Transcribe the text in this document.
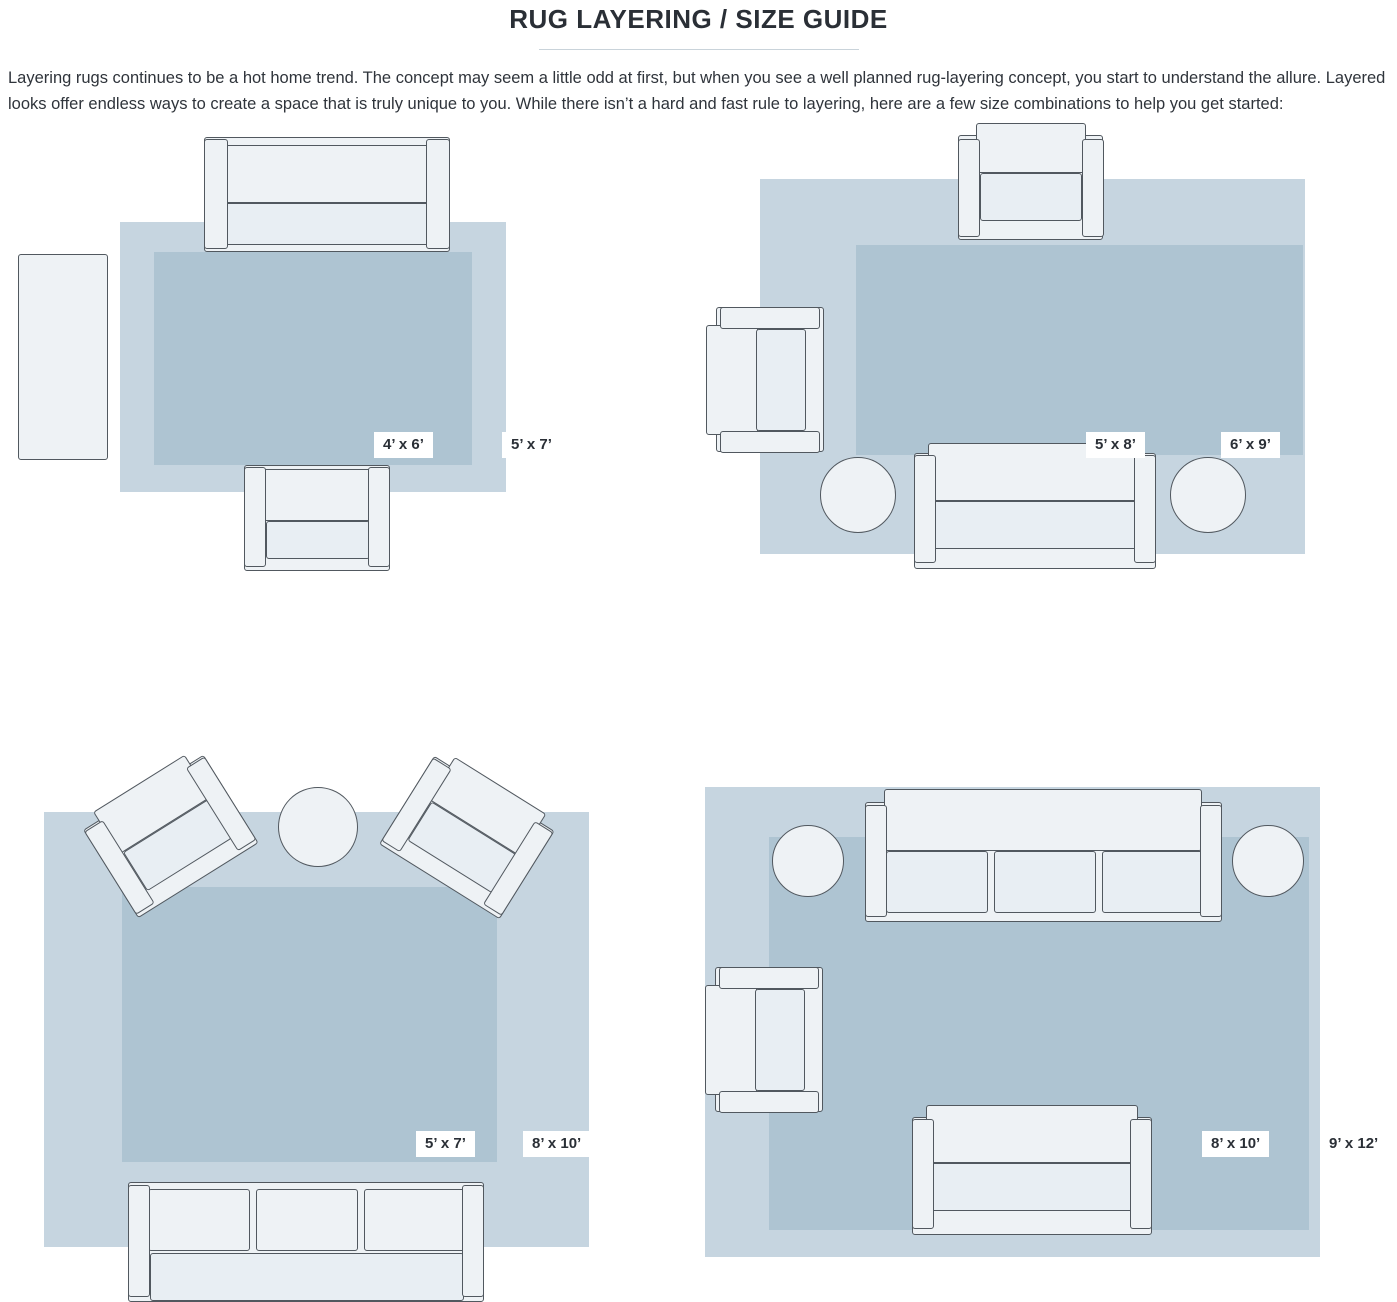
RUG LAYERING / SIZE GUIDE

Layering rugs continues to be a hot home trend. The concept may seem a little odd at first, but when you see a well planned rug-layering concept, you start to understand the allure. Layered looks offer endless ways to create a space that is truly unique to you. While there isn’t a hard and fast rule to layering, here are a few size combinations to help you get started:

4’ x 6’	5’ x 7’	5’ x 8’	6’ x 9’
5’ x 7’	8’ x 10’	8’ x 10’	9’ x 12’
